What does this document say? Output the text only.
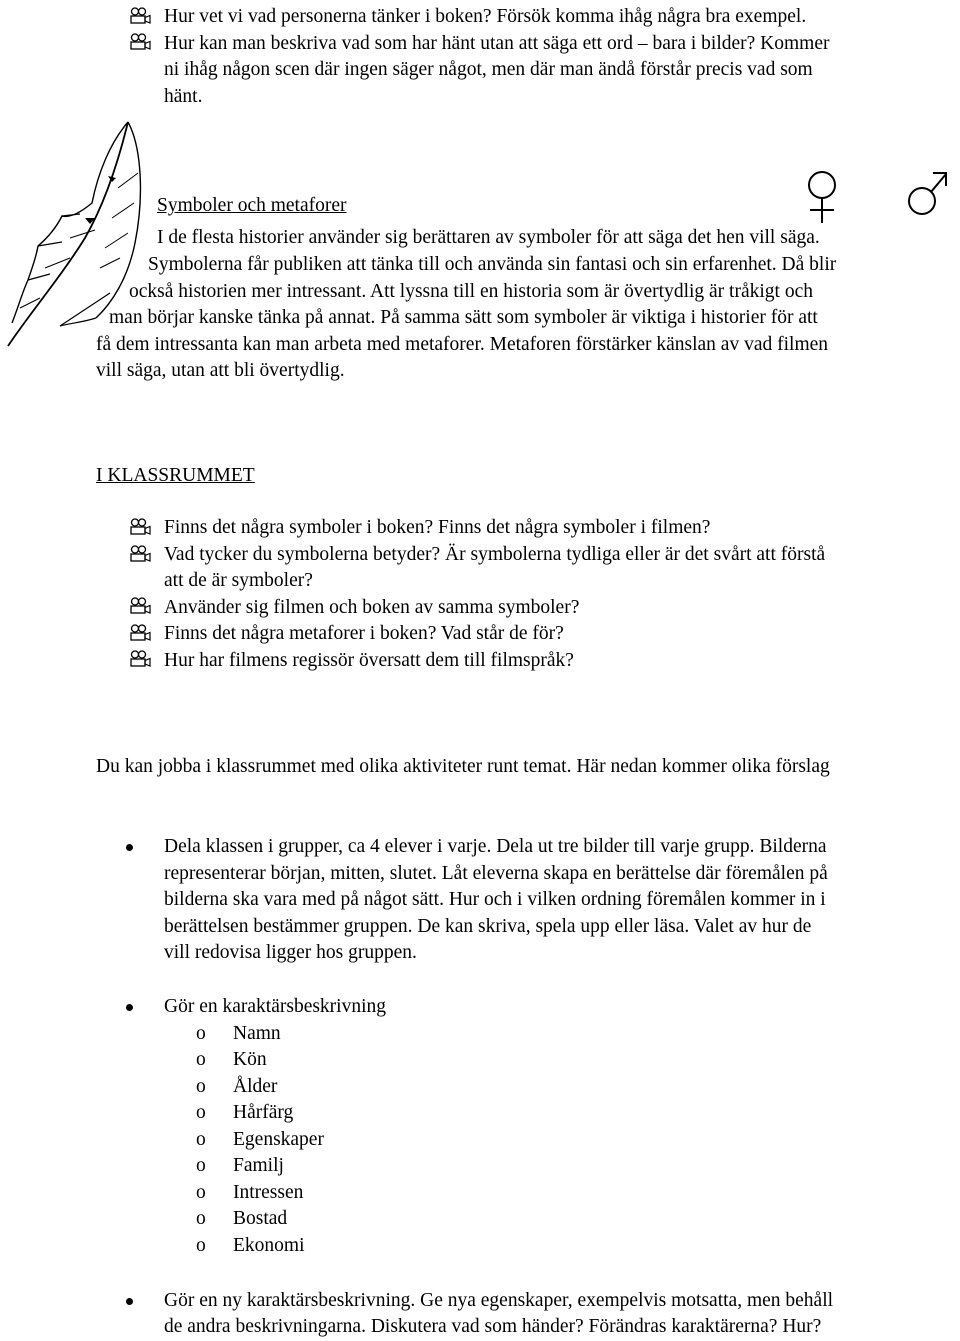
Hur vet vi vad personerna tänker i boken? Försök komma ihåg några bra exempel.
Hur kan man beskriva vad som har hänt utan att säga ett ord – bara i bilder? Kommer
ni ihåg någon scen där ingen säger något, men där man ändå förstår precis vad som
hänt.
Symboler och metaforer
I de flesta historier använder sig berättaren av symboler för att säga det hen vill säga.
Symbolerna får publiken att tänka till och använda sin fantasi och sin erfarenhet. Då blir
också historien mer intressant. Att lyssna till en historia som är övertydlig är tråkigt och
man börjar kanske tänka på annat. På samma sätt som symboler är viktiga i historier för att
få dem intressanta kan man arbeta med metaforer. Metaforen förstärker känslan av vad filmen
vill säga, utan att bli övertydlig.
I KLASSRUMMET
Finns det några symboler i boken? Finns det några symboler i filmen?
Vad tycker du symbolerna betyder? Är symbolerna tydliga eller är det svårt att förstå
att de är symboler?
Använder sig filmen och boken av samma symboler?
Finns det några metaforer i boken? Vad står de för?
Hur har filmens regissör översatt dem till filmspråk?
Du kan jobba i klassrummet med olika aktiviteter runt temat. Här nedan kommer olika förslag
Dela klassen i grupper, ca 4 elever i varje. Dela ut tre bilder till varje grupp. Bilderna
representerar början, mitten, slutet. Låt eleverna skapa en berättelse där föremålen på
bilderna ska vara med på något sätt. Hur och i vilken ordning föremålen kommer in i
berättelsen bestämmer gruppen. De kan skriva, spela upp eller läsa. Valet av hur de
vill redovisa ligger hos gruppen.
Gör en karaktärsbeskrivning
o Namn
o Kön
o Ålder
o Hårfärg
o Egenskaper
o Familj
o Intressen
o Bostad
o Ekonomi
Gör en ny karaktärsbeskrivning. Ge nya egenskaper, exempelvis motsatta, men behåll
de andra beskrivningarna. Diskutera vad som händer? Förändras karaktärerna? Hur?
